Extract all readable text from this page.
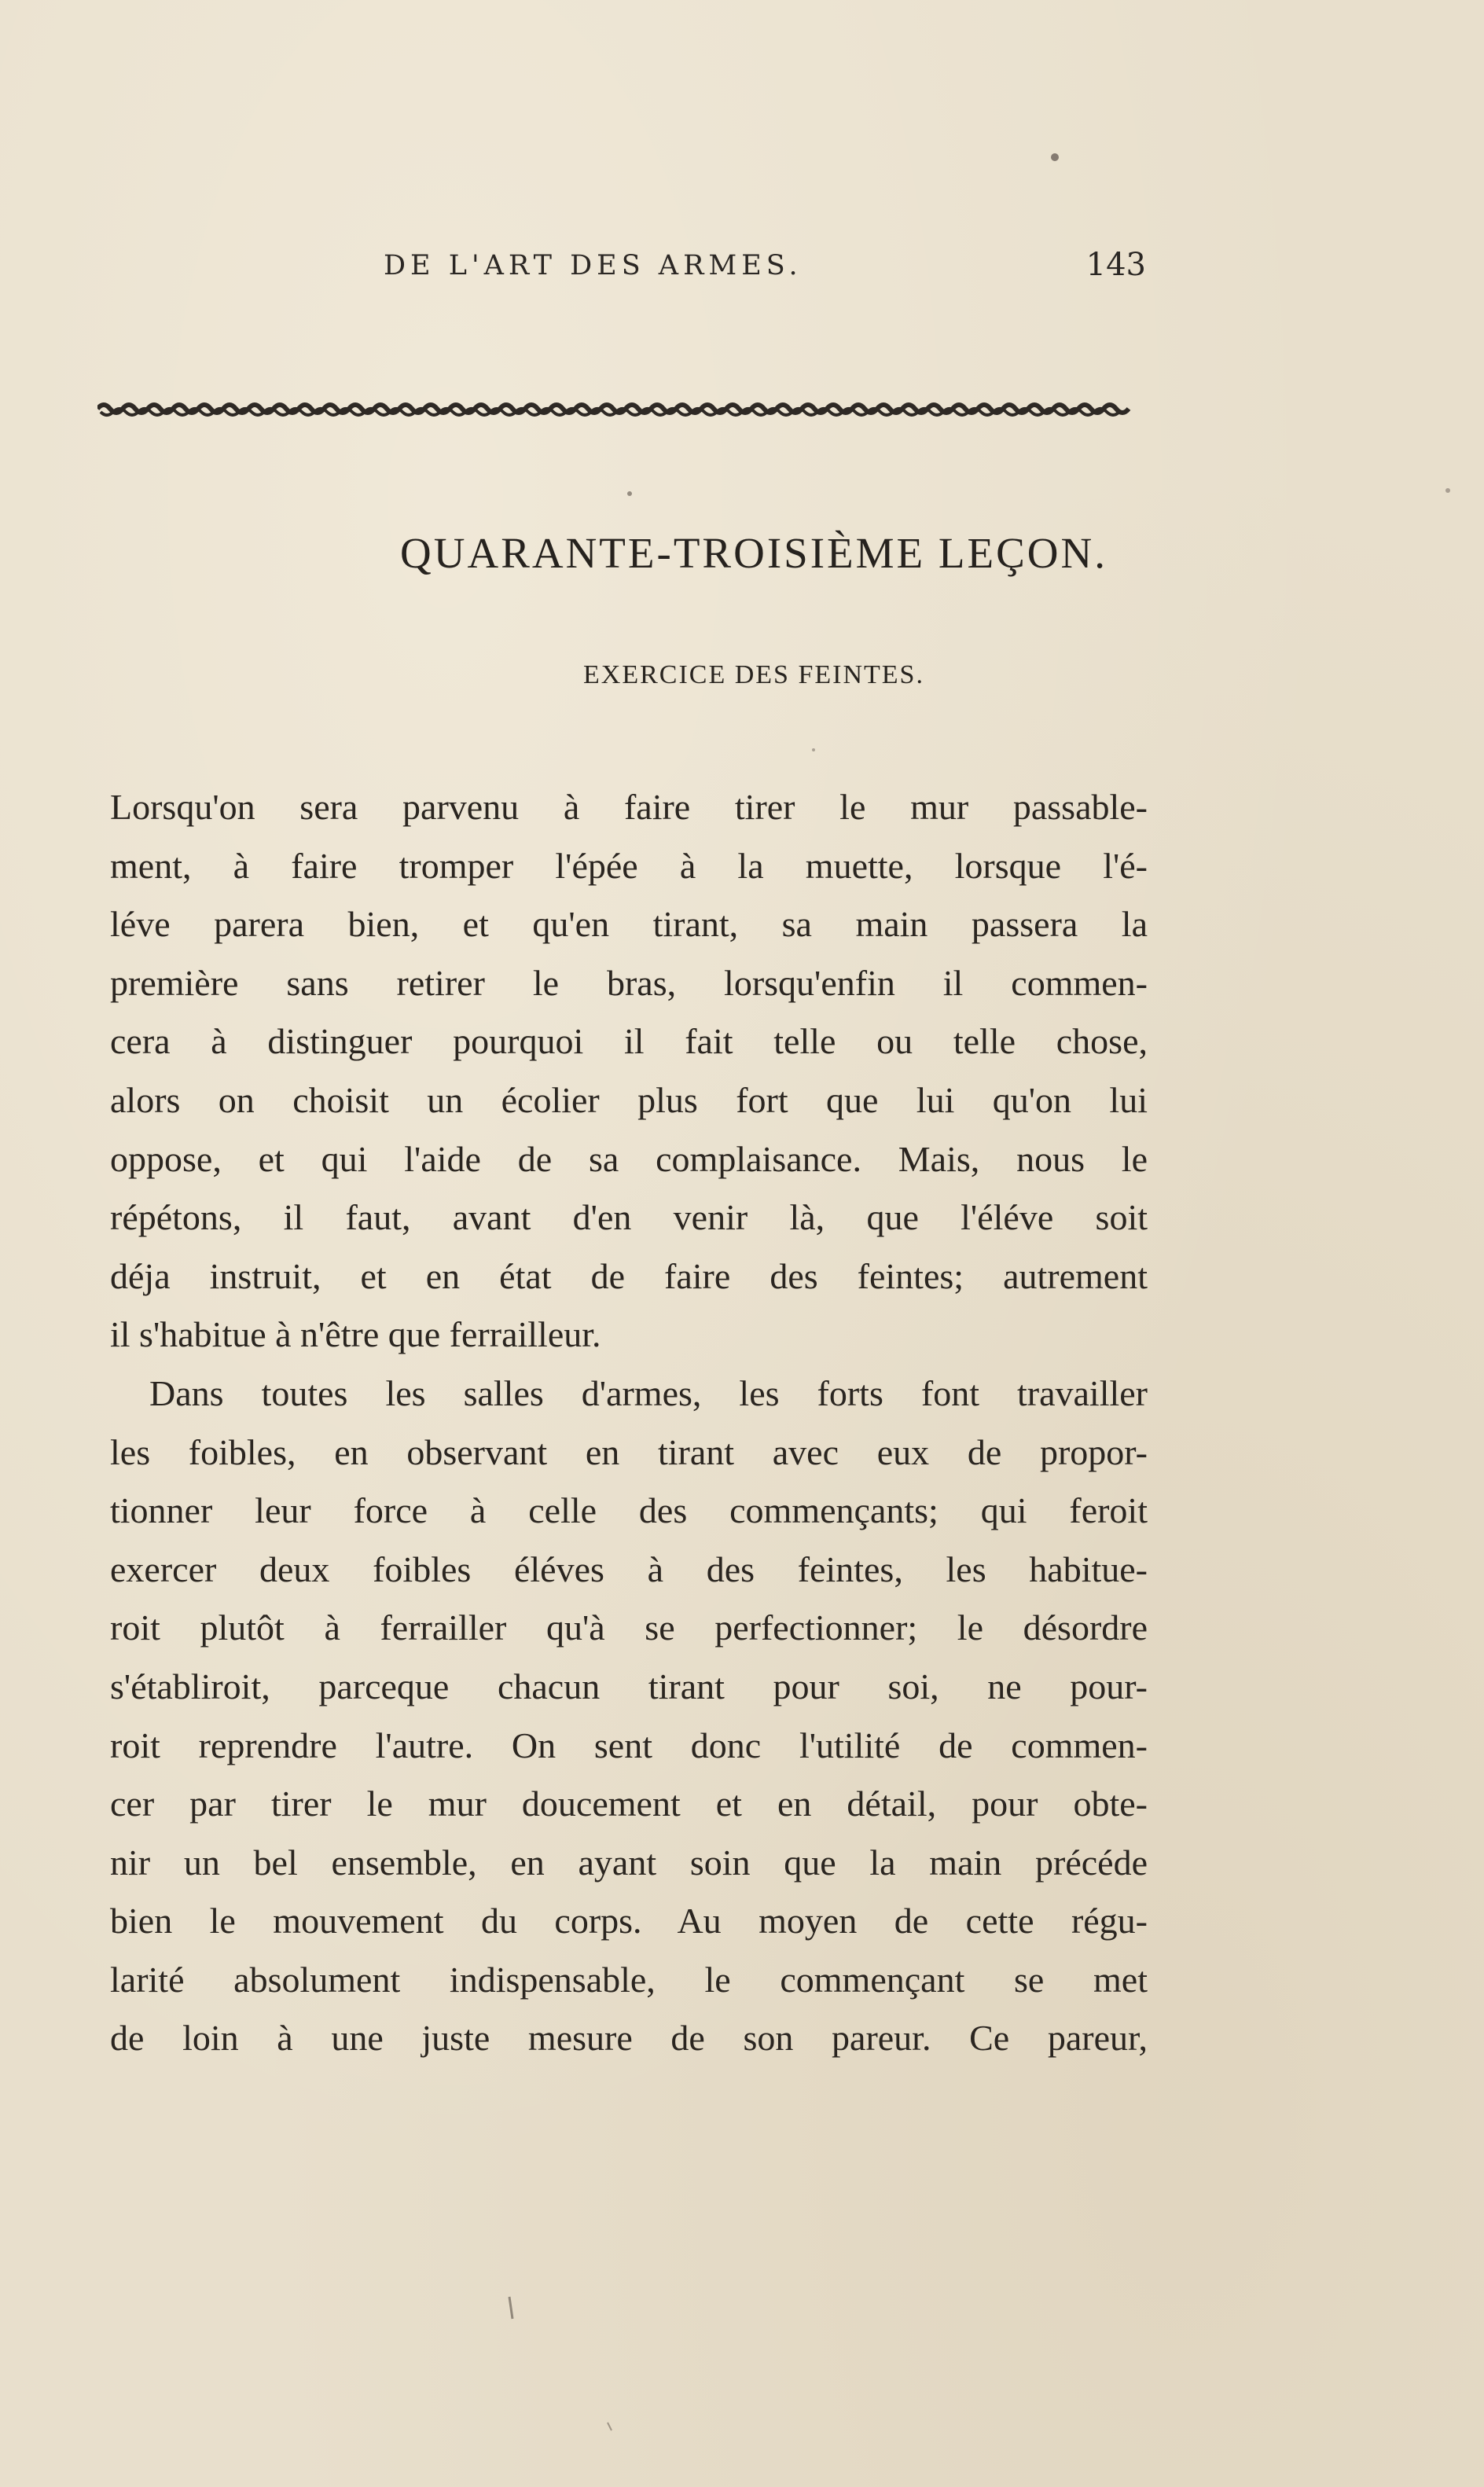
DE L'ART DES ARMES.	143
QUARANTE-TROISIÈME LEÇON.
EXERCICE DES FEINTES.
Lorsqu'on sera parvenu à faire tirer le mur passable-
ment, à faire tromper l'épée à la muette, lorsque l'é-
léve parera bien, et qu'en tirant, sa main passera la
première sans retirer le bras, lorsqu'enfin il commen-
cera à distinguer pourquoi il fait telle ou telle chose,
alors on choisit un écolier plus fort que lui qu'on lui
oppose, et qui l'aide de sa complaisance. Mais, nous le
répétons, il faut, avant d'en venir là, que l'éléve soit
déja instruit, et en état de faire des feintes; autrement
il s'habitue à n'être que ferrailleur.
Dans toutes les salles d'armes, les forts font travailler
les foibles, en observant en tirant avec eux de propor-
tionner leur force à celle des commençants; qui feroit
exercer deux foibles éléves à des feintes, les habitue-
roit plutôt à ferrailler qu'à se perfectionner; le désordre
s'établiroit, parceque chacun tirant pour soi, ne pour-
roit reprendre l'autre. On sent donc l'utilité de commen-
cer par tirer le mur doucement et en détail, pour obte-
nir un bel ensemble, en ayant soin que la main précéde
bien le mouvement du corps. Au moyen de cette régu-
larité absolument indispensable, le commençant se met
de loin à une juste mesure de son pareur. Ce pareur,
